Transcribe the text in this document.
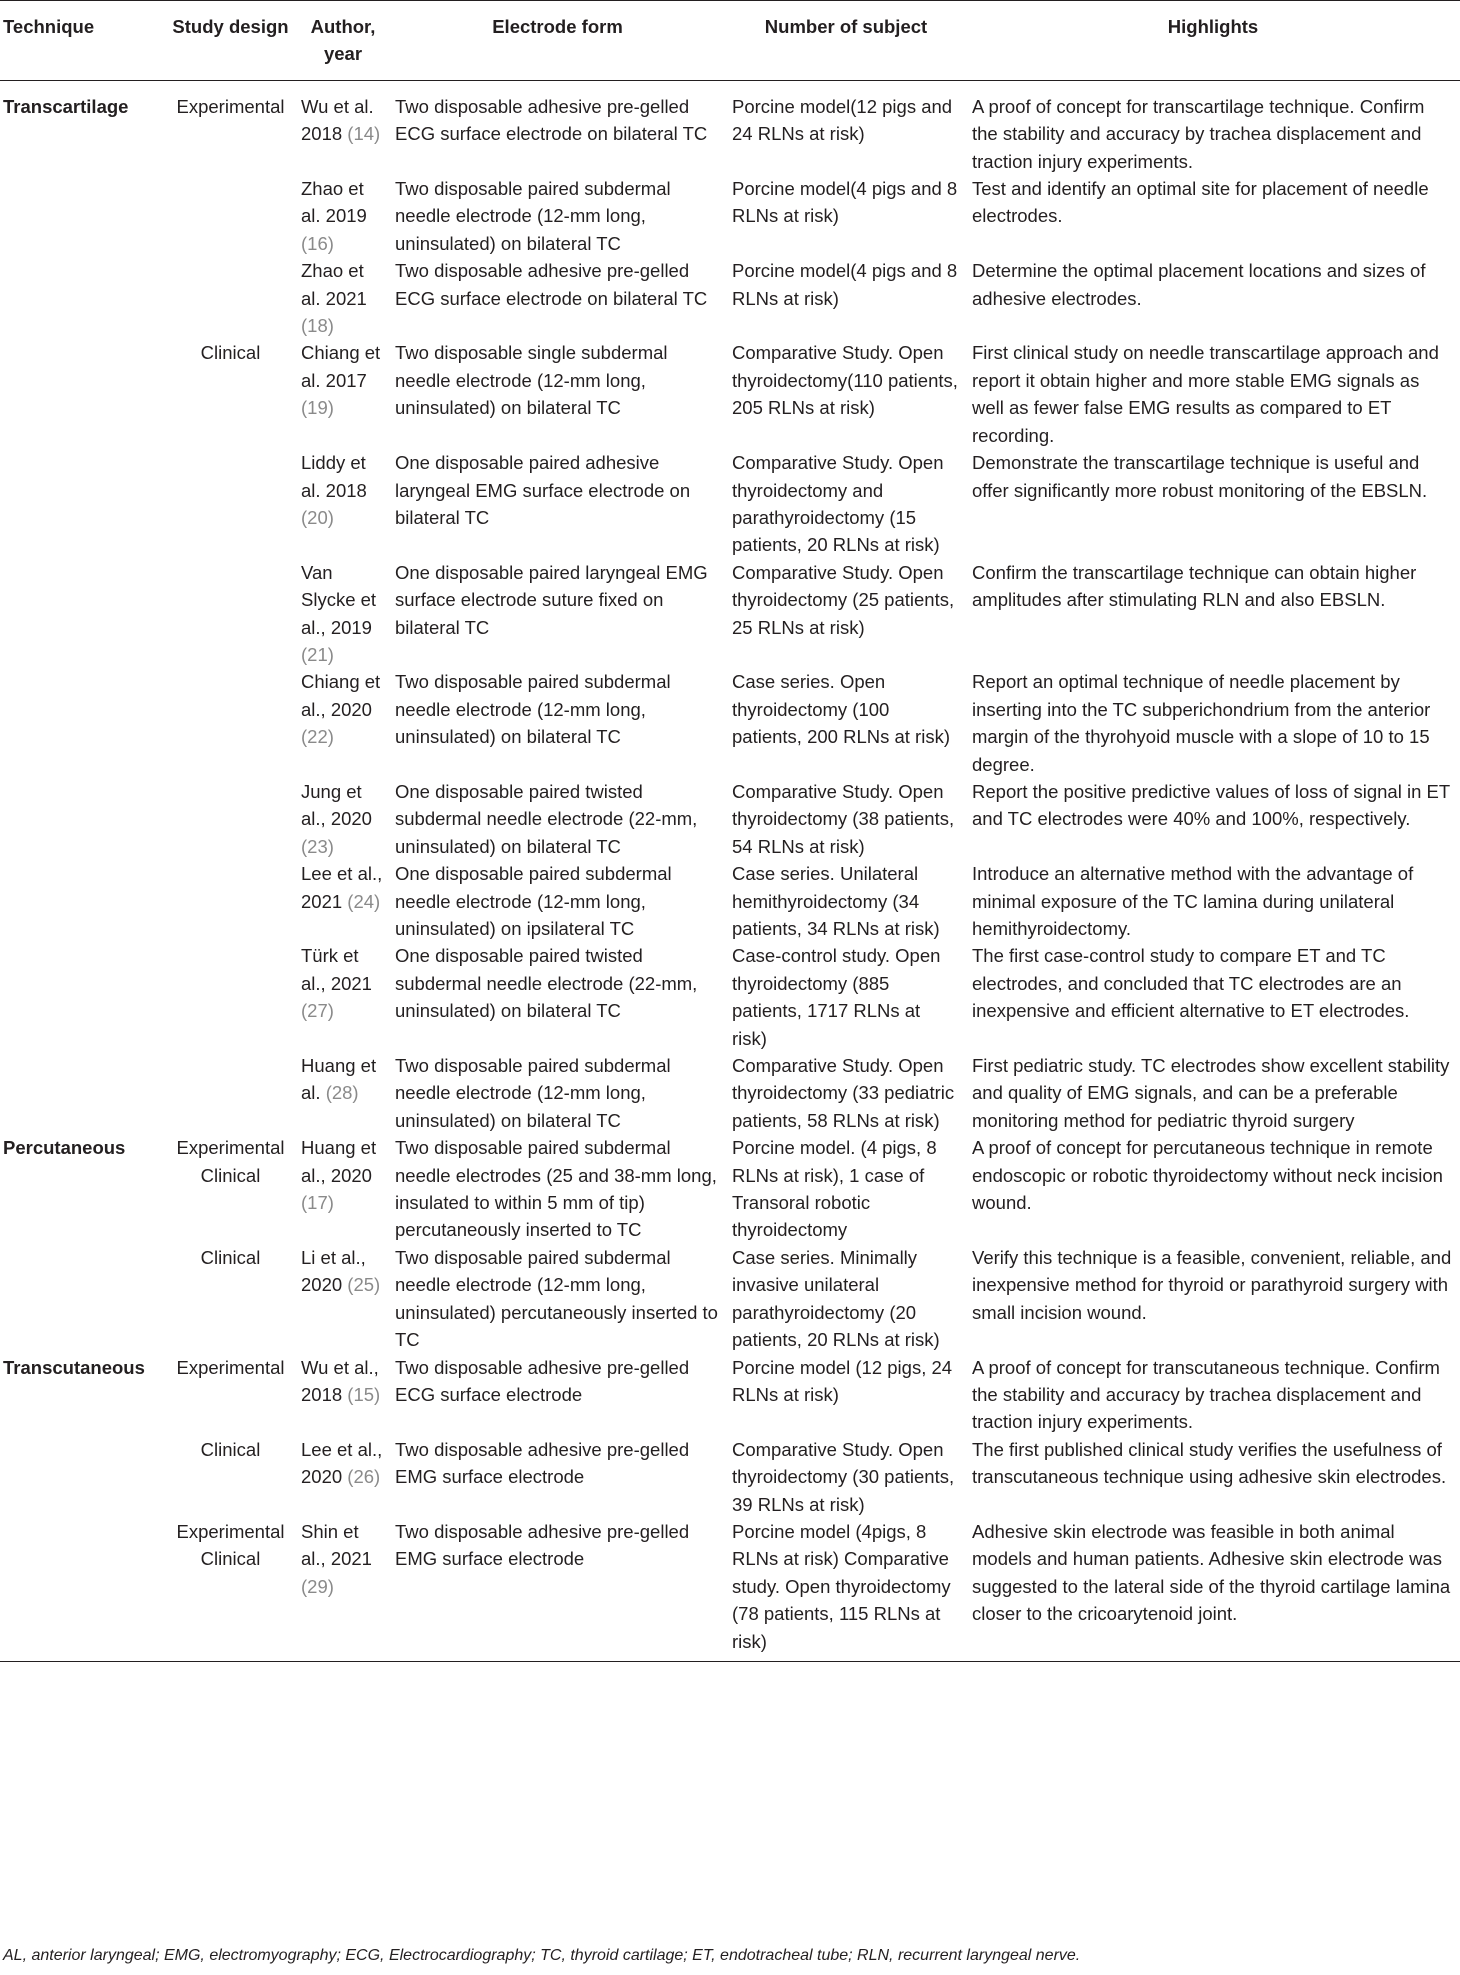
Technique	Study design	Author, year	Electrode form	Number of subject	Highlights
Transcartilage	Experimental	Wu et al. 2018 (14)	Two disposable adhesive pre-gelled ECG surface electrode on bilateral TC	Porcine model(12 pigs and 24 RLNs at risk)	A proof of concept for transcartilage technique. Confirm the stability and accuracy by trachea displacement and traction injury experiments.
		Zhao et al. 2019 (16)	Two disposable paired subdermal needle electrode (12-mm long, uninsulated) on bilateral TC	Porcine model(4 pigs and 8 RLNs at risk)	Test and identify an optimal site for placement of needle electrodes.
		Zhao et al. 2021 (18)	Two disposable adhesive pre-gelled ECG surface electrode on bilateral TC	Porcine model(4 pigs and 8 RLNs at risk)	Determine the optimal placement locations and sizes of adhesive electrodes.
	Clinical	Chiang et al. 2017 (19)	Two disposable single subdermal needle electrode (12-mm long, uninsulated) on bilateral TC	Comparative Study. Open thyroidectomy(110 patients, 205 RLNs at risk)	First clinical study on needle transcartilage approach and report it obtain higher and more stable EMG signals as well as fewer false EMG results as compared to ET recording.
		Liddy et al. 2018 (20)	One disposable paired adhesive laryngeal EMG surface electrode on bilateral TC	Comparative Study. Open thyroidectomy and parathyroidectomy (15 patients, 20 RLNs at risk)	Demonstrate the transcartilage technique is useful and offer significantly more robust monitoring of the EBSLN.
		Van Slycke et al., 2019 (21)	One disposable paired laryngeal EMG surface electrode suture fixed on bilateral TC	Comparative Study. Open thyroidectomy (25 patients, 25 RLNs at risk)	Confirm the transcartilage technique can obtain higher amplitudes after stimulating RLN and also EBSLN.
		Chiang et al., 2020 (22)	Two disposable paired subdermal needle electrode (12-mm long, uninsulated) on bilateral TC	Case series. Open thyroidectomy (100 patients, 200 RLNs at risk)	Report an optimal technique of needle placement by inserting into the TC subperichondrium from the anterior margin of the thyrohyoid muscle with a slope of 10 to 15 degree.
		Jung et al., 2020 (23)	One disposable paired twisted subdermal needle electrode (22-mm, uninsulated) on bilateral TC	Comparative Study. Open thyroidectomy (38 patients, 54 RLNs at risk)	Report the positive predictive values of loss of signal in ET and TC electrodes were 40% and 100%, respectively.
		Lee et al., 2021 (24)	One disposable paired subdermal needle electrode (12-mm long, uninsulated) on ipsilateral TC	Case series. Unilateral hemithyroidectomy (34 patients, 34 RLNs at risk)	Introduce an alternative method with the advantage of minimal exposure of the TC lamina during unilateral hemithyroidectomy.
		Türk et al., 2021 (27)	One disposable paired twisted subdermal needle electrode (22-mm, uninsulated) on bilateral TC	Case-control study. Open thyroidectomy (885 patients, 1717 RLNs at risk)	The first case-control study to compare ET and TC electrodes, and concluded that TC electrodes are an inexpensive and efficient alternative to ET electrodes.
		Huang et al. (28)	Two disposable paired subdermal needle electrode (12-mm long, uninsulated) on bilateral TC	Comparative Study. Open thyroidectomy (33 pediatric patients, 58 RLNs at risk)	First pediatric study. TC electrodes show excellent stability and quality of EMG signals, and can be a preferable monitoring method for pediatric thyroid surgery
Percutaneous	Experimental Clinical	Huang et al., 2020 (17)	Two disposable paired subdermal needle electrodes (25 and 38-mm long, insulated to within 5 mm of tip) percutaneously inserted to TC	Porcine model. (4 pigs, 8 RLNs at risk), 1 case of Transoral robotic thyroidectomy	A proof of concept for percutaneous technique in remote endoscopic or robotic thyroidectomy without neck incision wound.
	Clinical	Li et al., 2020 (25)	Two disposable paired subdermal needle electrode (12-mm long, uninsulated) percutaneously inserted to TC	Case series. Minimally invasive unilateral parathyroidectomy (20 patients, 20 RLNs at risk)	Verify this technique is a feasible, convenient, reliable, and inexpensive method for thyroid or parathyroid surgery with small incision wound.
Transcutaneous	Experimental	Wu et al., 2018 (15)	Two disposable adhesive pre-gelled ECG surface electrode	Porcine model (12 pigs, 24 RLNs at risk)	A proof of concept for transcutaneous technique. Confirm the stability and accuracy by trachea displacement and traction injury experiments.
	Clinical	Lee et al., 2020 (26)	Two disposable adhesive pre-gelled EMG surface electrode	Comparative Study. Open thyroidectomy (30 patients, 39 RLNs at risk)	The first published clinical study verifies the usefulness of transcutaneous technique using adhesive skin electrodes.
	Experimental Clinical	Shin et al., 2021 (29)	Two disposable adhesive pre-gelled EMG surface electrode	Porcine model (4pigs, 8 RLNs at risk) Comparative study. Open thyroidectomy (78 patients, 115 RLNs at risk)	Adhesive skin electrode was feasible in both animal models and human patients. Adhesive skin electrode was suggested to the lateral side of the thyroid cartilage lamina closer to the cricoarytenoid joint.
AL, anterior laryngeal; EMG, electromyography; ECG, Electrocardiography; TC, thyroid cartilage; ET, endotracheal tube; RLN, recurrent laryngeal nerve.
